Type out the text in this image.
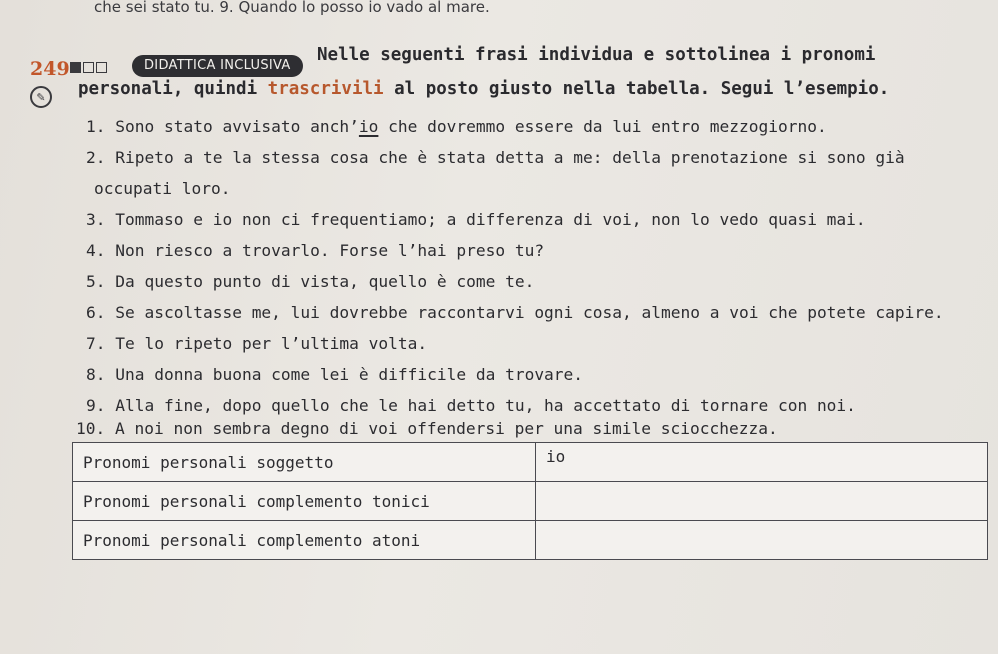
che sei stato tu. 9. Quando lo posso io vado al mare.
249	DIDATTICA INCLUSIVA
✎
Nelle seguenti frasi individua e sottolinea i pronomi
personali, quindi trascrivili al posto giusto nella tabella. Segui l’esempio.
1. Sono stato avvisato anch’io che dovremmo essere da lui entro mezzogiorno.
2. Ripeto a te la stessa cosa che è stata detta a me: della prenotazione si sono già
occupati loro.
3. Tommaso e io non ci frequentiamo; a differenza di voi, non lo vedo quasi mai.
4. Non riesco a trovarlo. Forse l’hai preso tu?
5. Da questo punto di vista, quello è come te.
6. Se ascoltasse me, lui dovrebbe raccontarvi ogni cosa, almeno a voi che potete capire.
7. Te lo ripeto per l’ultima volta.
8. Una donna buona come lei è difficile da trovare.
9. Alla fine, dopo quello che le hai detto tu, ha accettato di tornare con noi.
10. A noi non sembra degno di voi offendersi per una simile sciocchezza.
Pronomi personali soggetto	io
Pronomi personali complemento tonici	
Pronomi personali complemento atoni	
